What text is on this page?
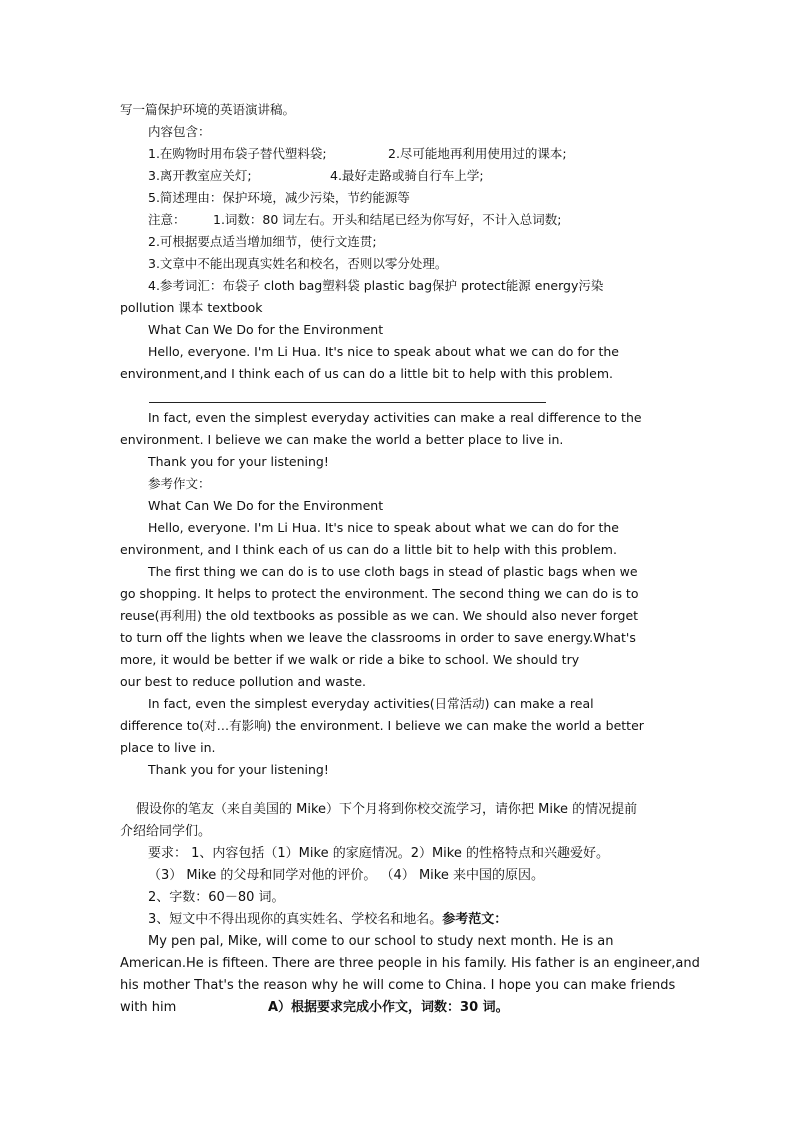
写一篇保护环境的英语演讲稿。
内容包含：
1.在购物时用布袋子替代塑料袋;	2.尽可能地再利用使用过的课本;
3.离开教室应关灯;	4.最好走路或骑自行车上学;
5.简述理由：保护环境，减少污染，节约能源等
注意： 1.词数：80 词左右。开头和结尾已经为你写好，不计入总词数;
2.可根据要点适当增加细节，使行文连贯;
3.文章中不能出现真实姓名和校名，否则以零分处理。
4.参考词汇：布袋子 cloth bag塑料袋 plastic bag保护 protect能源 energy污染
pollution 课本 textbook
What Can We Do for the Environment
Hello, everyone. I'm Li Hua. It's nice to speak about what we can do for the
environment,and I think each of us can do a little bit to help with this problem.
In fact, even the simplest everyday activities can make a real difference to the
environment. I believe we can make the world a better place to live in.
Thank you for your listening!
参考作文：
What Can We Do for the Environment
Hello, everyone. I'm Li Hua. It's nice to speak about what we can do for the
environment, and I think each of us can do a little bit to help with this problem.
The first thing we can do is to use cloth bags in stead of plastic bags when we
go shopping. It helps to protect the environment. The second thing we can do is to
reuse(再利用) the old textbooks as possible as we can. We should also never forget
to turn off the lights when we leave the classrooms in order to save energy.What's
more, it would be better if we walk or ride a bike to school. We should try
our best to reduce pollution and waste.
In fact, even the simplest everyday activities(日常活动) can make a real
difference to(对…有影响) the environment. I believe we can make the world a better
place to live in.
Thank you for your listening!
假设你的笔友（来自美国的 Mike）下个月将到你校交流学习，请你把 Mike 的情况提前
介绍给同学们。
要求： 1、内容包括（1）Mike 的家庭情况。2）Mike 的性格特点和兴趣爱好。
（3） Mike 的父母和同学对他的评价。 （4） Mike 来中国的原因。
2、字数：60－80 词。
3、短文中不得出现你的真实姓名、学校名和地名。参考范文：
My pen pal, Mike, will come to our school to study next month. He is an
American.He is fifteen. There are three people in his family. His father is an engineer,and
his mother That's the reason why he will come to China. I hope you can make friends
with him	A）根据要求完成小作文，词数：30 词。
